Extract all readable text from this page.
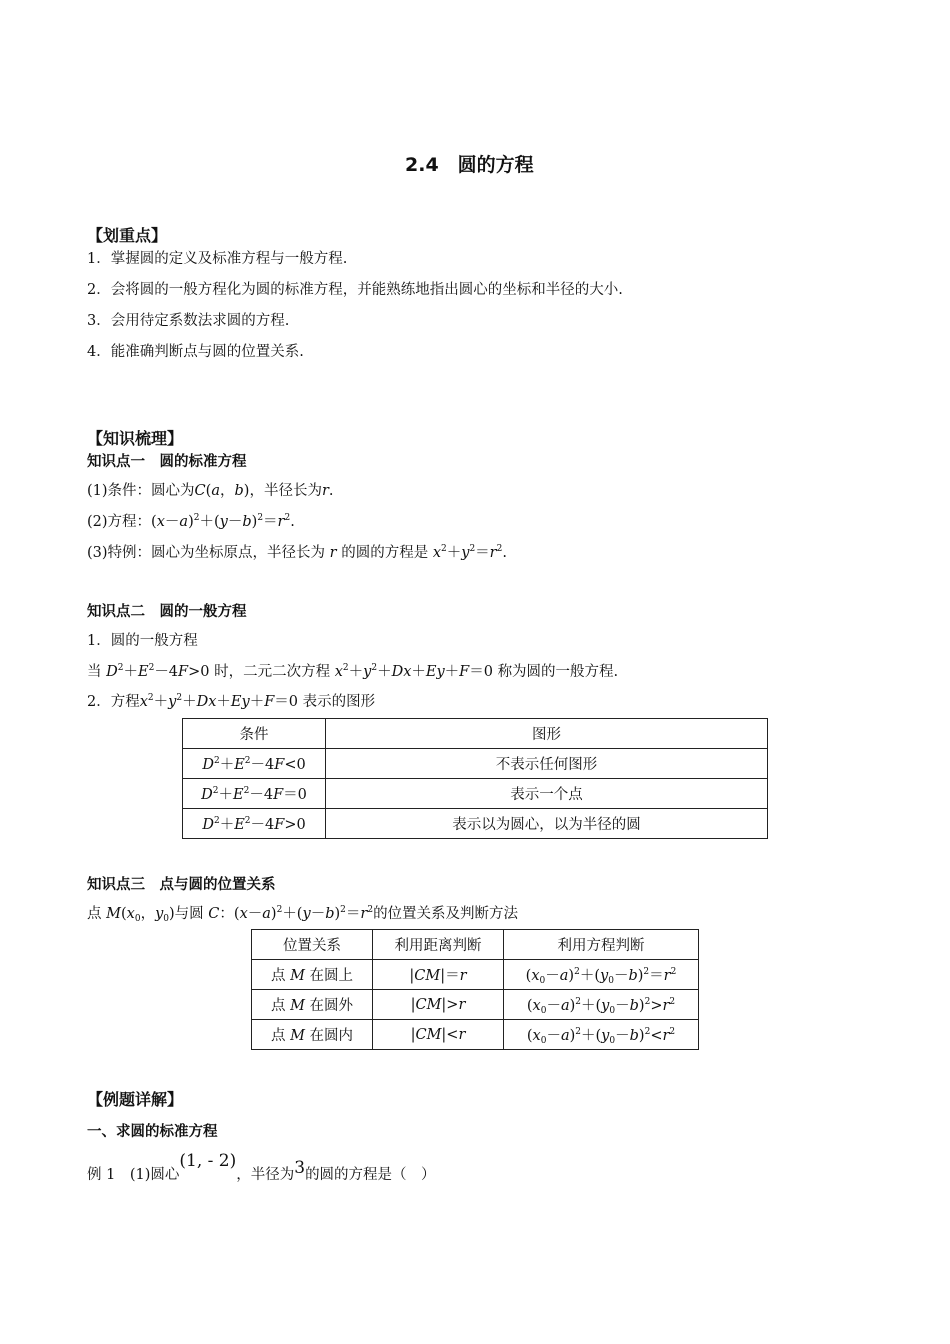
2.4　圆的方程
【划重点】
1．掌握圆的定义及标准方程与一般方程.
2．会将圆的一般方程化为圆的标准方程，并能熟练地指出圆心的坐标和半径的大小.
3．会用待定系数法求圆的方程.
4．能准确判断点与圆的位置关系.
【知识梳理】
知识点一　圆的标准方程
(1)条件：圆心为C(a，b)，半径长为r.
(2)方程：$(x-a)^2+(y-b)^2=r^2$.
(3)特例：圆心为坐标原点，半径长为 r 的圆的方程是 $x^2+y^2=r^2$.
知识点二　圆的一般方程
1．圆的一般方程
当 $D^2+E^2-4F>0$ 时，二元二次方程 $x^2+y^2+Dx+Ey+F=0$ 称为圆的一般方程.
2．方程$x^2+y^2+Dx+Ey+F=0$ 表示的图形
条件	图形
$D^2+E^2-4F<0$	不表示任何图形
$D^2+E^2-4F=0$	表示一个点
$D^2+E^2-4F>0$	表示以为圆心，以为半径的圆
知识点三　点与圆的位置关系
点 $M(x_0$，$y_0$)与圆 C：$(x-a)^2+(y-b)^2=r^2$的位置关系及判断方法
位置关系	利用距离判断	利用方程判断
点 M 在圆上	|CM|＝r	$(x_0-a)^2+(y_0-b)^2=r^2$
点 M 在圆外	|CM|>r	$(x_0-a)^2+(y_0-b)^2>r^2$
点 M 在圆内	|CM|<r	$(x_0-a)^2+(y_0-b)^2<r^2$
【例题详解】
一、求圆的标准方程
例 1　(1)圆心(1, - 2)，半径为3的圆的方程是（　）
